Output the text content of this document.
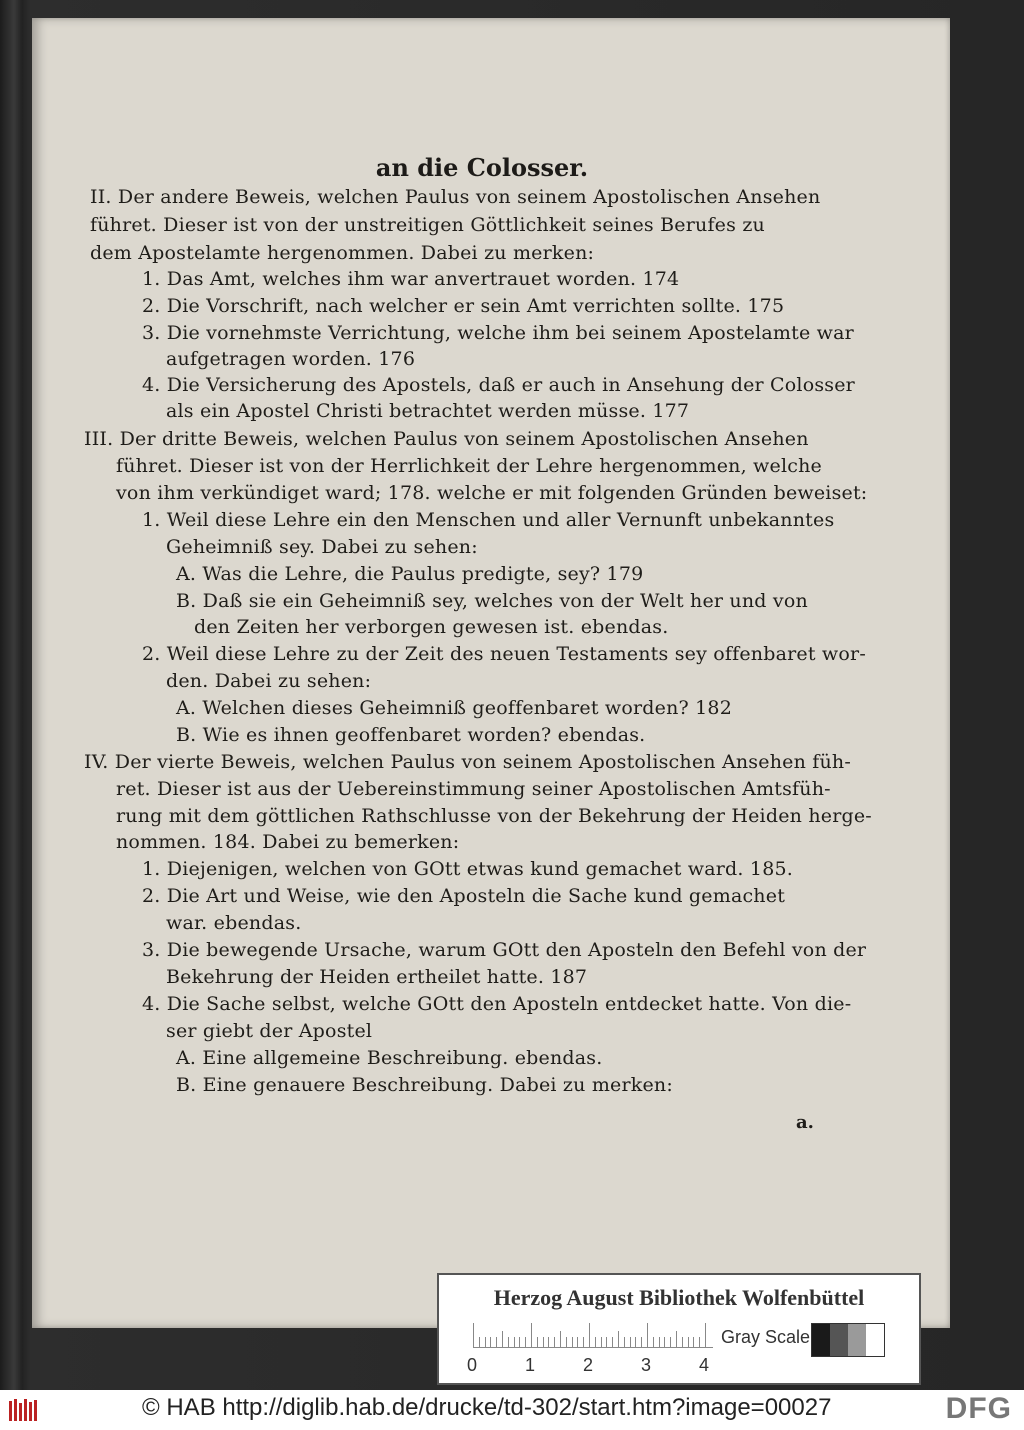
an die Colosser.
II. Der andere Beweis, welchen Paulus von seinem Apostolischen Ansehen
führet. Dieser ist von der unstreitigen Göttlichkeit seines Berufes zu
dem Apostelamte hergenommen. Dabei zu merken:
1. Das Amt, welches ihm war anvertrauet worden. 174
2. Die Vorschrift, nach welcher er sein Amt verrichten sollte. 175
3. Die vornehmste Verrichtung, welche ihm bei seinem Apostelamte war
aufgetragen worden. 176
4. Die Versicherung des Apostels, daß er auch in Ansehung der Colosser
als ein Apostel Christi betrachtet werden müsse. 177
III. Der dritte Beweis, welchen Paulus von seinem Apostolischen Ansehen
führet. Dieser ist von der Herrlichkeit der Lehre hergenommen, welche
von ihm verkündiget ward; 178. welche er mit folgenden Gründen beweiset:
1. Weil diese Lehre ein den Menschen und aller Vernunft unbekanntes
Geheimniß sey. Dabei zu sehen:
A. Was die Lehre, die Paulus predigte, sey? 179
B. Daß sie ein Geheimniß sey, welches von der Welt her und von
den Zeiten her verborgen gewesen ist. ebendas.
2. Weil diese Lehre zu der Zeit des neuen Testaments sey offenbaret wor-
den. Dabei zu sehen:
A. Welchen dieses Geheimniß geoffenbaret worden? 182
B. Wie es ihnen geoffenbaret worden? ebendas.
IV. Der vierte Beweis, welchen Paulus von seinem Apostolischen Ansehen füh-
ret. Dieser ist aus der Uebereinstimmung seiner Apostolischen Amtsfüh-
rung mit dem göttlichen Rathschlusse von der Bekehrung der Heiden herge-
nommen. 184. Dabei zu bemerken:
1. Diejenigen, welchen von GOtt etwas kund gemachet ward. 185.
2. Die Art und Weise, wie den Aposteln die Sache kund gemachet
war. ebendas.
3. Die bewegende Ursache, warum GOtt den Aposteln den Befehl von der
Bekehrung der Heiden ertheilet hatte. 187
4. Die Sache selbst, welche GOtt den Aposteln entdecket hatte. Von die-
ser giebt der Apostel
A. Eine allgemeine Beschreibung. ebendas.
B. Eine genauere Beschreibung. Dabei zu merken:
a.
Herzog August Bibliothek Wolfenbüttel
0	1	2	3	4
Gray Scale
© HAB http://diglib.hab.de/drucke/td-302/start.htm?image=00027	DFG
